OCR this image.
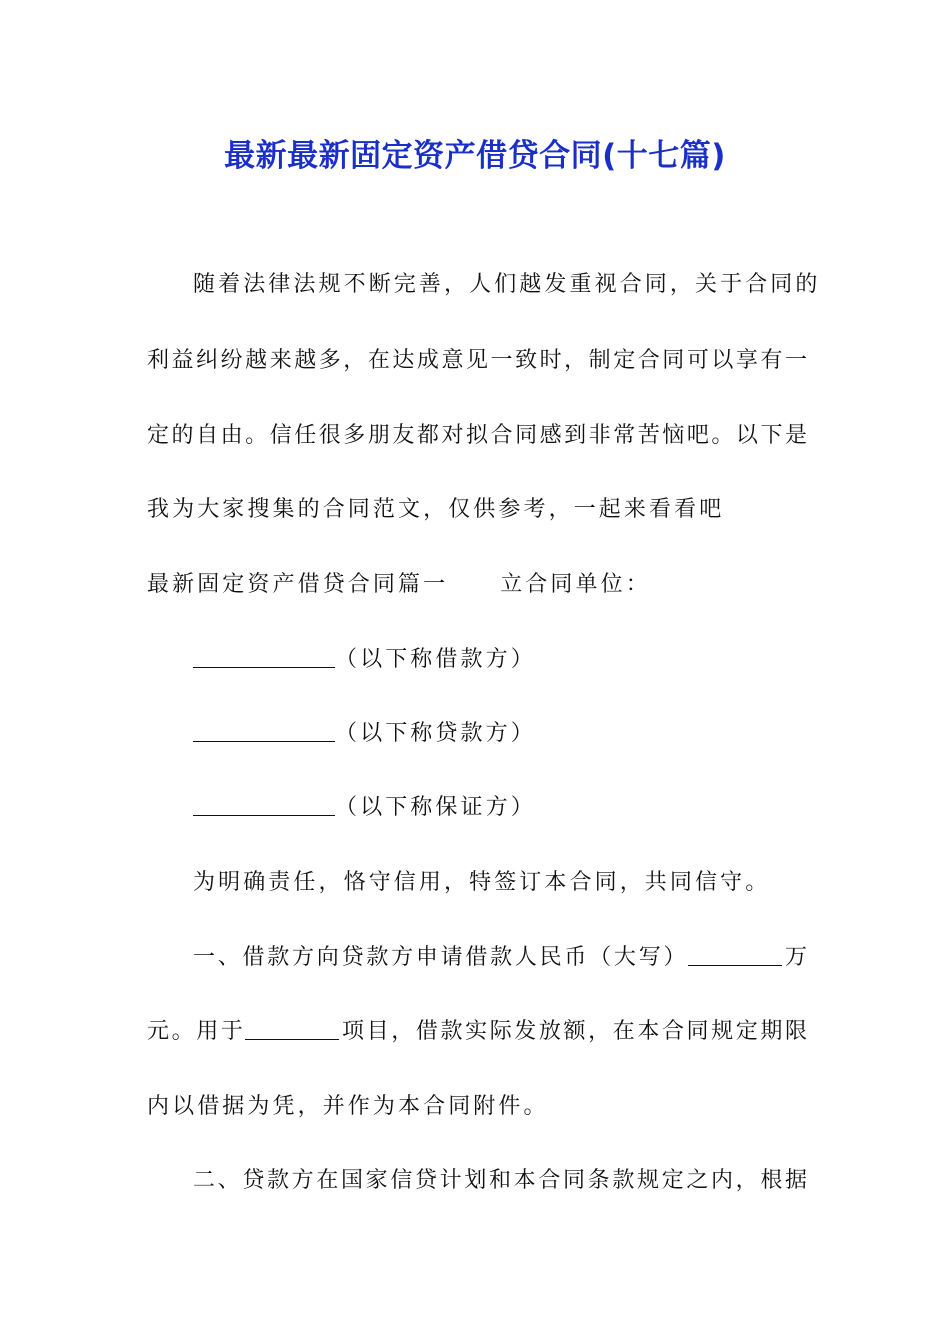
最新最新固定资产借贷合同(十七篇)
随着法律法规不断完善，人们越发重视合同，关于合同的
利益纠纷越来越多，在达成意见一致时，制定合同可以享有一
定的自由。信任很多朋友都对拟合同感到非常苦恼吧。以下是
我为大家搜集的合同范文，仅供参考，一起来看看吧
最新固定资产借贷合同篇一 立合同单位：
（以下称借款方）
（以下称贷款方）
（以下称保证方）
为明确责任，恪守信用，特签订本合同，共同信守。
一、借款方向贷款方申请借款人民币（大写）	万
元。用于	项目，借款实际发放额，在本合同规定期限
内以借据为凭，并作为本合同附件。
二、贷款方在国家信贷计划和本合同条款规定之内，根据
